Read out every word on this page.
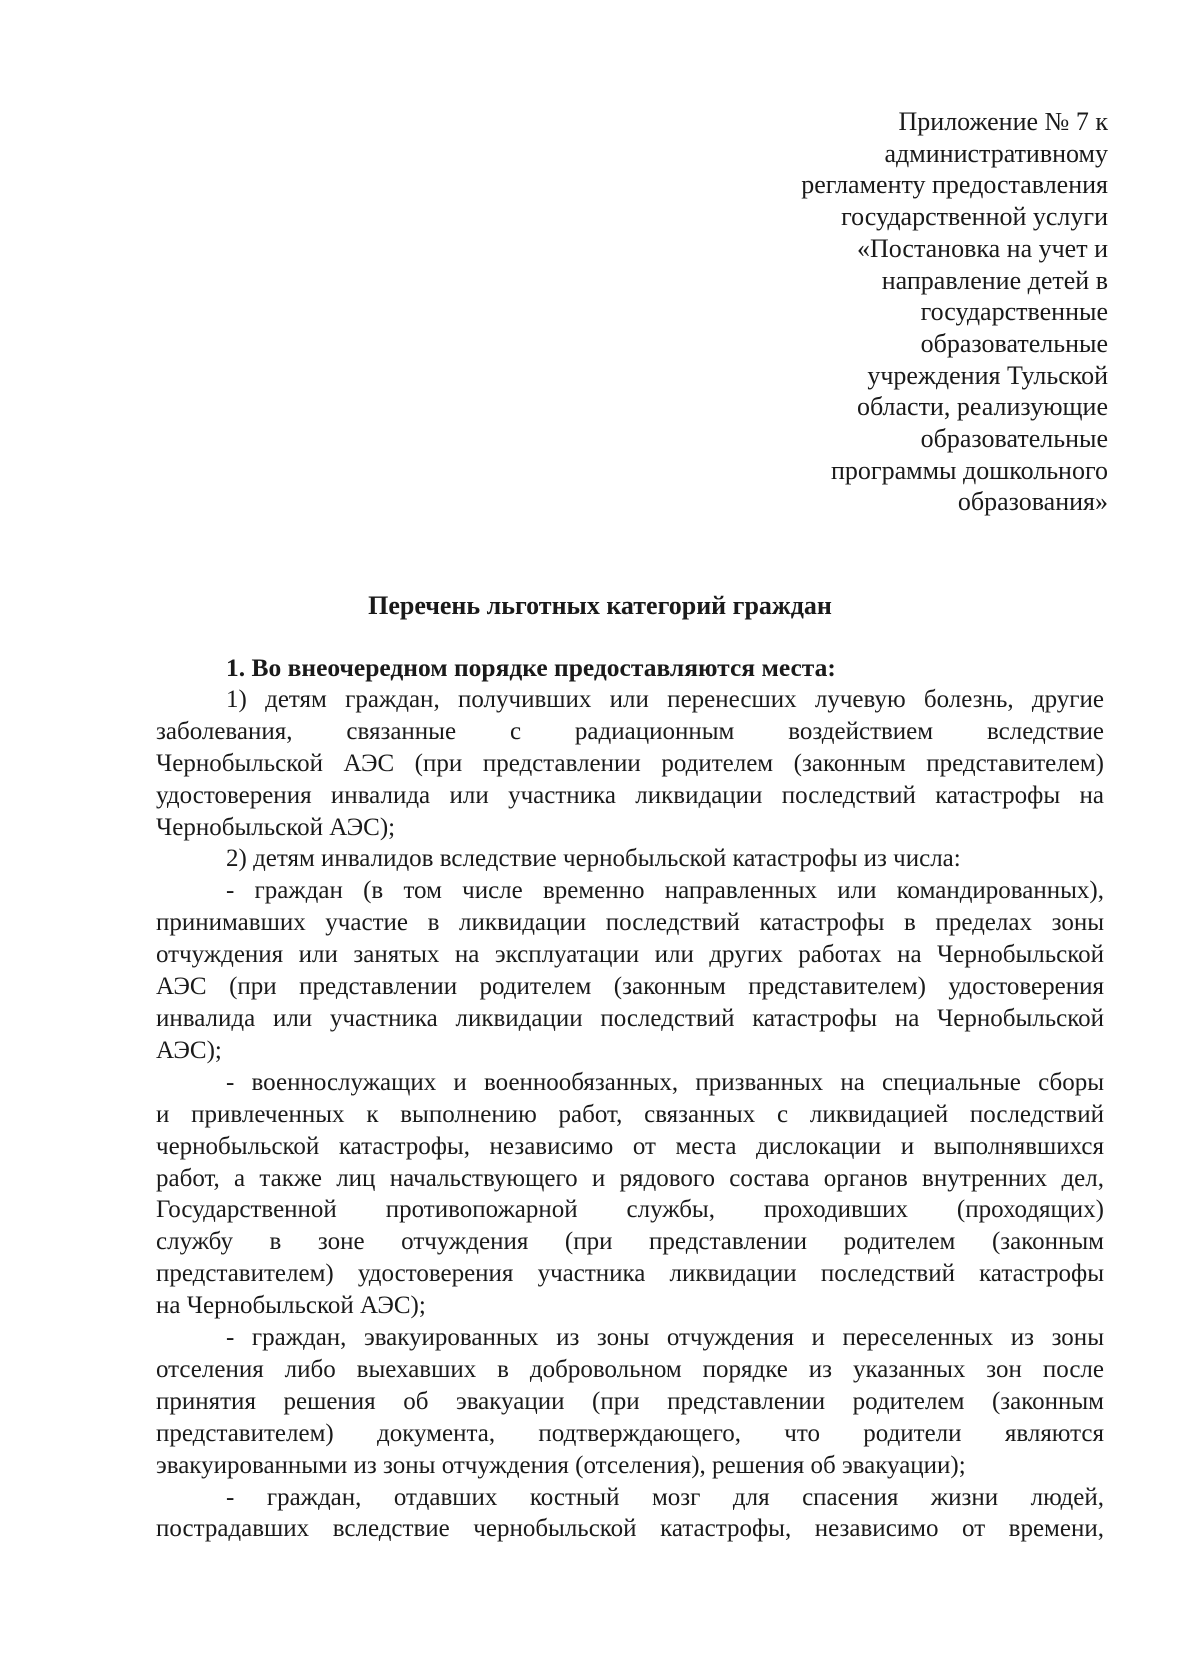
Приложение № 7 к
административному
регламенту предоставления
государственной услуги
«Постановка на учет и
направление детей в
государственные
образовательные
учреждения Тульской
области, реализующие
образовательные
программы дошкольного
образования»
Перечень льготных категорий граждан
1. Во внеочередном порядке предоставляются места:
1) детям граждан, получивших или перенесших лучевую болезнь, другие
заболевания, связанные с радиационным воздействием вследствие
Чернобыльской АЭС (при представлении родителем (законным представителем)
удостоверения инвалида или участника ликвидации последствий катастрофы на
Чернобыльской АЭС);
2) детям инвалидов вследствие чернобыльской катастрофы из числа:
- граждан (в том числе временно направленных или командированных),
принимавших участие в ликвидации последствий катастрофы в пределах зоны
отчуждения или занятых на эксплуатации или других работах на Чернобыльской
АЭС (при представлении родителем (законным представителем) удостоверения
инвалида или участника ликвидации последствий катастрофы на Чернобыльской
АЭС);
- военнослужащих и военнообязанных, призванных на специальные сборы
и привлеченных к выполнению работ, связанных с ликвидацией последствий
чернобыльской катастрофы, независимо от места дислокации и выполнявшихся
работ, а также лиц начальствующего и рядового состава органов внутренних дел,
Государственной противопожарной службы, проходивших (проходящих)
службу в зоне отчуждения (при представлении родителем (законным
представителем) удостоверения участника ликвидации последствий катастрофы
на Чернобыльской АЭС);
- граждан, эвакуированных из зоны отчуждения и переселенных из зоны
отселения либо выехавших в добровольном порядке из указанных зон после
принятия решения об эвакуации (при представлении родителем (законным
представителем) документа, подтверждающего, что родители являются
эвакуированными из зоны отчуждения (отселения), решения об эвакуации);
- граждан, отдавших костный мозг для спасения жизни людей,
пострадавших вследствие чернобыльской катастрофы, независимо от времени,
